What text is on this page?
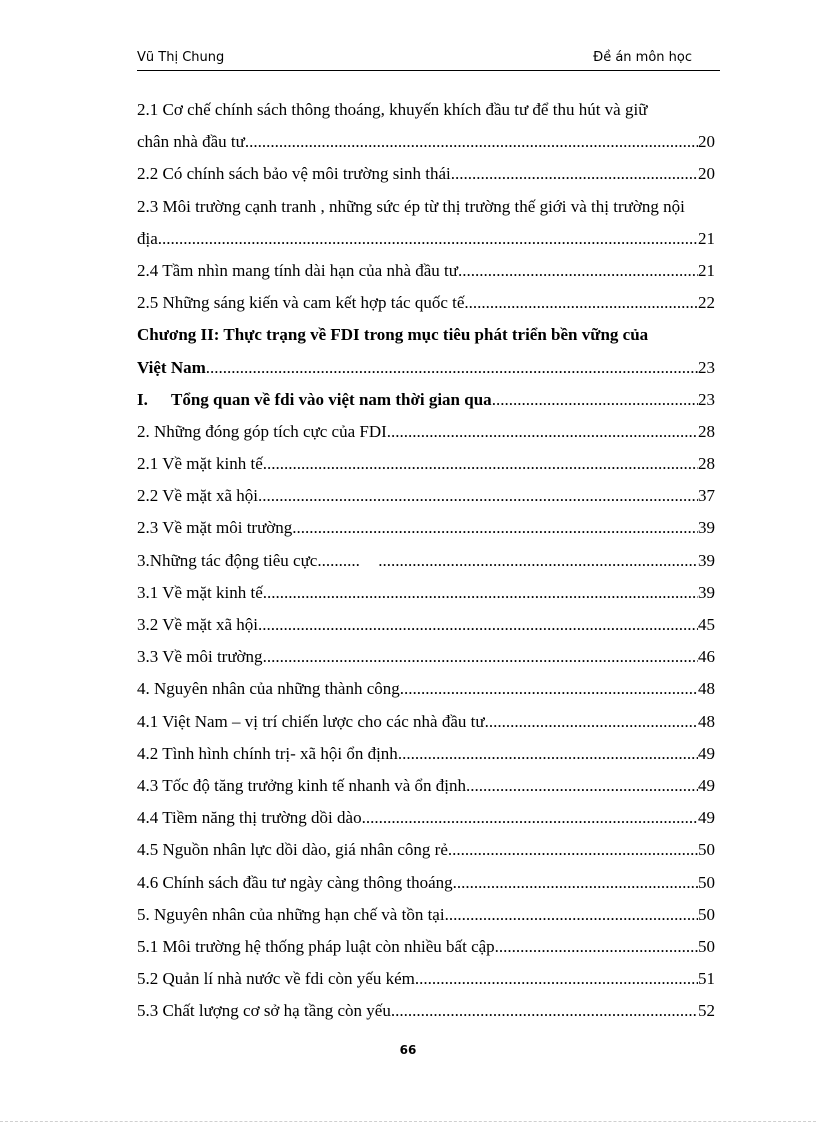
Vũ Thị Chung	Đề án môn học
2.1 Cơ chế chính sách thông thoáng, khuyến khích đầu tư để thu hút và giữ
chân nhà đầu tư .....	20
2.2 Có chính sách bảo vệ môi trường sinh thái .....	20
2.3 Môi trường cạnh tranh , những sức ép từ thị trường thế giới và thị trường nội
địa .....	21
2.4 Tầm nhìn mang tính dài hạn của nhà đầu tư .....	21
2.5 Những sáng kiến và cam kết hợp tác quốc tế .....	22
Chương II: Thực trạng về FDI trong mục tiêu phát triển bền vững của
Việt Nam .....	23
I. Tổng quan về fdi vào việt nam thời gian qua .....	23
2. Những đóng góp tích cực của FDI .....	28
2.1 Về mặt kinh tế .....	28
2.2 Về mặt xã hội .....	37
2.3 Về mặt môi trường .....	39
3.Những tác động tiêu cực.......... .....	39
3.1 Về mặt kinh tế .....	39
3.2 Về mặt xã hội .....	45
3.3 Về môi trường .....	46
4. Nguyên nhân của những thành công .....	48
4.1 Việt Nam – vị trí chiến lược cho các nhà đầu tư .....	48
4.2 Tình hình chính trị- xã hội ổn định .....	49
4.3 Tốc độ tăng trưởng kinh tế nhanh và ổn định .....	49
4.4 Tiềm năng thị trường dồi dào .....	49
4.5 Nguồn nhân lực dồi dào, giá nhân công rẻ .....	50
4.6 Chính sách đầu tư ngày càng thông thoáng .....	50
5. Nguyên nhân của những hạn chế và tồn tại .....	50
5.1 Môi trường hệ thống pháp luật còn nhiều bất cập .....	50
5.2 Quản lí nhà nước về fdi còn yếu kém .....	51
5.3 Chất lượng cơ sở hạ tầng còn yếu .....	52
66
